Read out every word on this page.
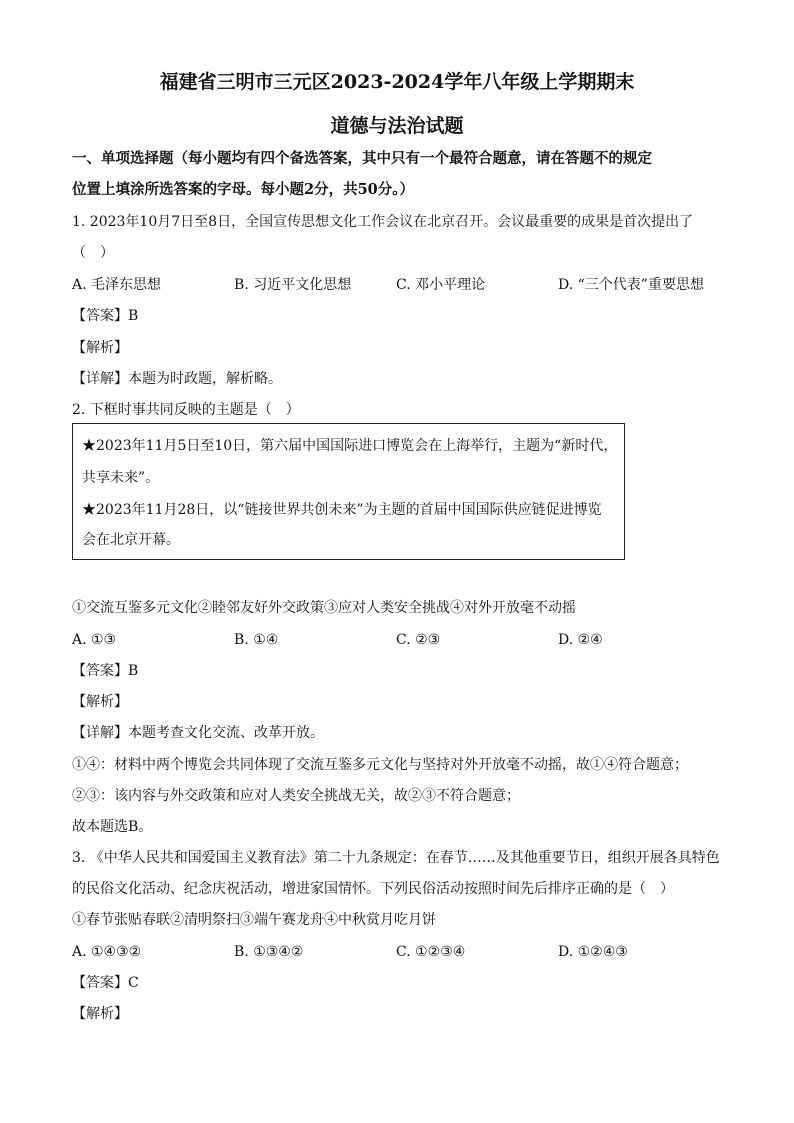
福建省三明市三元区2023-2024学年八年级上学期期末
道德与法治试题
一、单项选择题（每小题均有四个备选答案，其中只有一个最符合题意，请在答题不的规定
位置上填涂所选答案的字母。每小题2分，共50分。）
1. 2023年10月7日至8日，全国宣传思想文化工作会议在北京召开。会议最重要的成果是首次提出了
（　）
A. 毛泽东思想	B. 习近平文化思想	C. 邓小平理论	D. “三个代表”重要思想
【答案】B
【解析】
【详解】本题为时政题，解析略。
2. 下框时事共同反映的主题是（　）
★2023年11月5日至10日，第六届中国国际进口博览会在上海举行，主题为“新时代，
共享未来”。
★2023年11月28日，以“链接世界共创未来”为主题的首届中国国际供应链促进博览
会在北京开幕。
①交流互鉴多元文化②睦邻友好外交政策③应对人类安全挑战④对外开放毫不动摇
A. ①③	B. ①④	C. ②③	D. ②④
【答案】B
【解析】
【详解】本题考查文化交流、改革开放。
①④：材料中两个博览会共同体现了交流互鉴多元文化与坚持对外开放毫不动摇，故①④符合题意；
②③：该内容与外交政策和应对人类安全挑战无关，故②③不符合题意；
故本题选B。
3. 《中华人民共和国爱国主义教育法》第二十九条规定：在春节……及其他重要节日，组织开展各具特色
的民俗文化活动、纪念庆祝活动，增进家国情怀。下列民俗活动按照时间先后排序正确的是（　）
①春节张贴春联②清明祭扫③端午赛龙舟④中秋赏月吃月饼
A. ①④③②	B. ①③④②	C. ①②③④	D. ①②④③
【答案】C
【解析】
